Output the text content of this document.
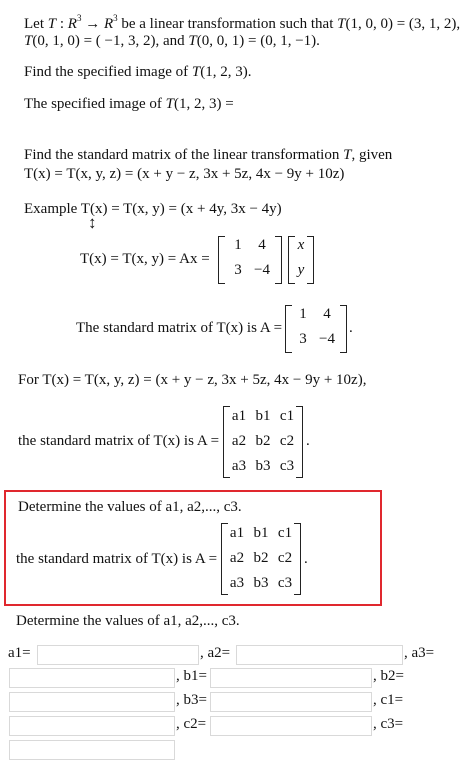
Let T : $R^3 \to R^3$ be a linear transformation such that T(1, 0, 0) = (3, 1, 2),
T(0, 1, 0) = ( −1, 3, 2), and T(0, 0, 1) = (0, 1, −1).
Find the specified image of T(1, 2, 3).
The specified image of T(1, 2, 3) =
Find the standard matrix of the linear transformation T, given
T(x) = T(x, y, z) = (x + y − z, 3x + 5z, 4x − 9y + 10z)
Example T(x) = T(x, y) = (x + 4y, 3x − 4y)
↕
T(x) = T(x, y) = Ax =
1	4
3 −4
x
y
The standard matrix of T(x) is A =
1	4
3 −4
.
For T(x) = T(x, y, z) = (x + y − z, 3x + 5z, 4x − 9y + 10z),
the standard matrix of T(x) is A =
a1 b1 c1
a2 b2 c2
a3 b3 c3
.
Determine the values of a1, a2,..., c3.
the standard matrix of T(x) is A =
a1 b1 c1
a2 b2 c2
a3 b3 c3
.
Determine the values of a1, a2,..., c3.
a1=	, a2=	, a3=
, b1=	, b2=
, b3=	, c1=
, c2=	, c3=
